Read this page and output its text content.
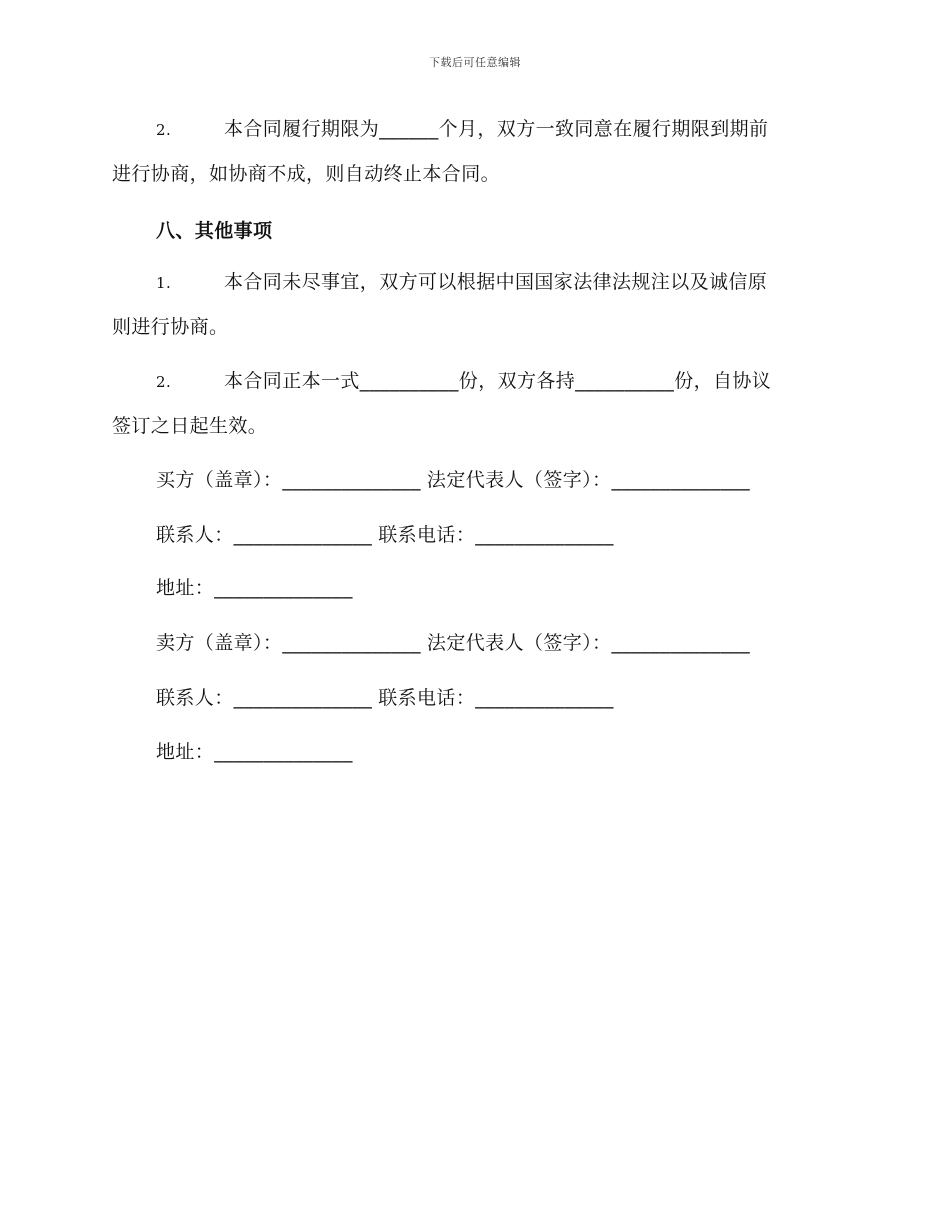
下载后可任意编辑
2.	本合同履行期限为______个月，双方一致同意在履行期限到期前
进行协商，如协商不成，则自动终止本合同。
八、其他事项
1.	本合同未尽事宜，双方可以根据中国国家法律法规注以及诚信原
则进行协商。
2.	本合同正本一式__________份，双方各持__________份，自协议
签订之日起生效。
买方（盖章）：______________ 法定代表人（签字）：______________
联系人：______________ 联系电话：______________
地址：______________
卖方（盖章）：______________ 法定代表人（签字）：______________
联系人：______________ 联系电话：______________
地址：______________
